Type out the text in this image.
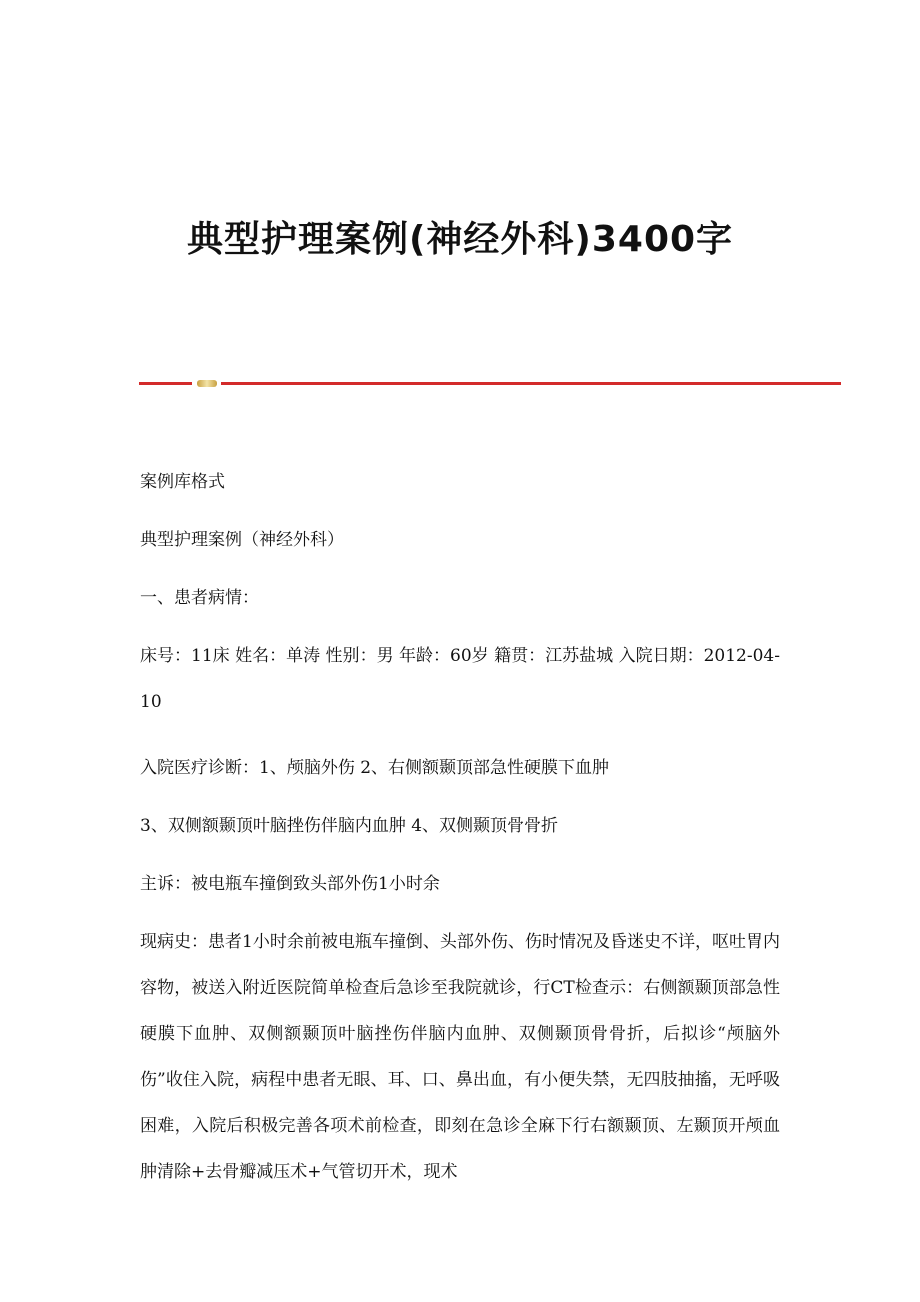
典型护理案例(神经外科)3400字

案例库格式

典型护理案例（神经外科）

一、患者病情：

床号：11床 姓名：单涛 性别：男 年龄：60岁 籍贯：江苏盐城 入院日期：2012-04-10

入院医疗诊断：1、颅脑外伤 2、右侧额颞顶部急性硬膜下血肿

3、双侧额颞顶叶脑挫伤伴脑内血肿 4、双侧颞顶骨骨折

主诉：被电瓶车撞倒致头部外伤1小时余

现病史：患者1小时余前被电瓶车撞倒、头部外伤、伤时情况及昏迷史不详，呕吐胃内容物，被送入附近医院简单检查后急诊至我院就诊，行CT检查示：右侧额颞顶部急性硬膜下血肿、双侧额颞顶叶脑挫伤伴脑内血肿、双侧颞顶骨骨折，后拟诊“颅脑外伤”收住入院，病程中患者无眼、耳、口、鼻出血，有小便失禁，无四肢抽搐，无呼吸困难，入院后积极完善各项术前检查，即刻在急诊全麻下行右额颞顶、左颞顶开颅血肿清除+去骨瓣减压术+气管切开术，现术
